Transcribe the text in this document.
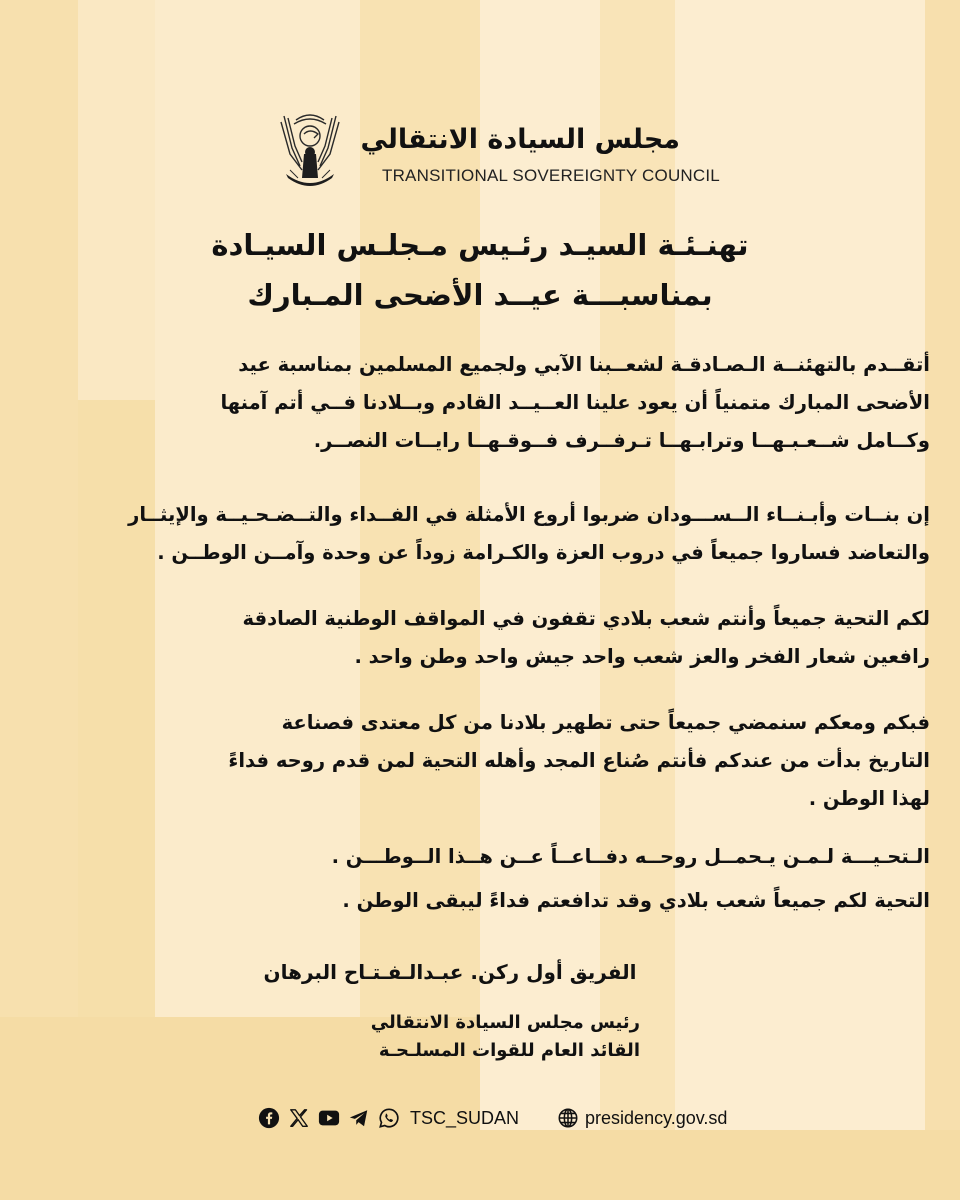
مجلس السيادة الانتقالي
TRANSITIONAL SOVEREIGNTY COUNCIL
تهنـئـة السيـد رئـيس مـجلـس السيـادة
بمناسبـــة عيــد الأضحى المـبارك
أتقــدم بالتهئنــة الـصـادقـة لشعــبنا الآبي ولجميع المسلمين بمناسبة عيد
الأضحى المبارك متمنياً أن يعود علينا العــيــد القادم وبــلادنا فــي أتم آمنها
وكــامل شــعـبـهــا وترابـهــا تـرفــرف فــوقـهــا رايــات النصــر.
إن بنــات وأبـنــاء الــســـودان ضربوا أروع الأمثلة في الفــداء والتــضـحـيــة والإيثــار
والتعاضد فساروا جميعاً في دروب العزة والكـرامة زوداً عن وحدة وآمــن الوطــن .
لكم التحية جميعاً وأنتم شعب بلادي تقفون في المواقف الوطنية الصادقة
رافعين شعار الفخر والعز شعب واحد جيش واحد وطن واحد .
فبكم ومعكم سنمضي جميعاً حتى تطهير بلادنا من كل معتدى فصناعة
التاريخ بدأت من عندكم فأنتم صُناع المجد وأهله التحية لمن قدم روحه فداءً
لهذا الوطن .
الـتحـيـــة لـمـن يـحمــل روحــه دفــاعــاً عــن هــذا الــوطـــن .
التحية لكم جميعاً شعب بلادي وقد تدافعتم فداءً ليبقى الوطن .
الفريق أول ركن. عبـدالـفـتـاح البرهان
رئيس مجلس السيادة الانتقالي
القائد العام للقوات المسلـحـة
TSC_SUDAN	presidency.gov.sd
